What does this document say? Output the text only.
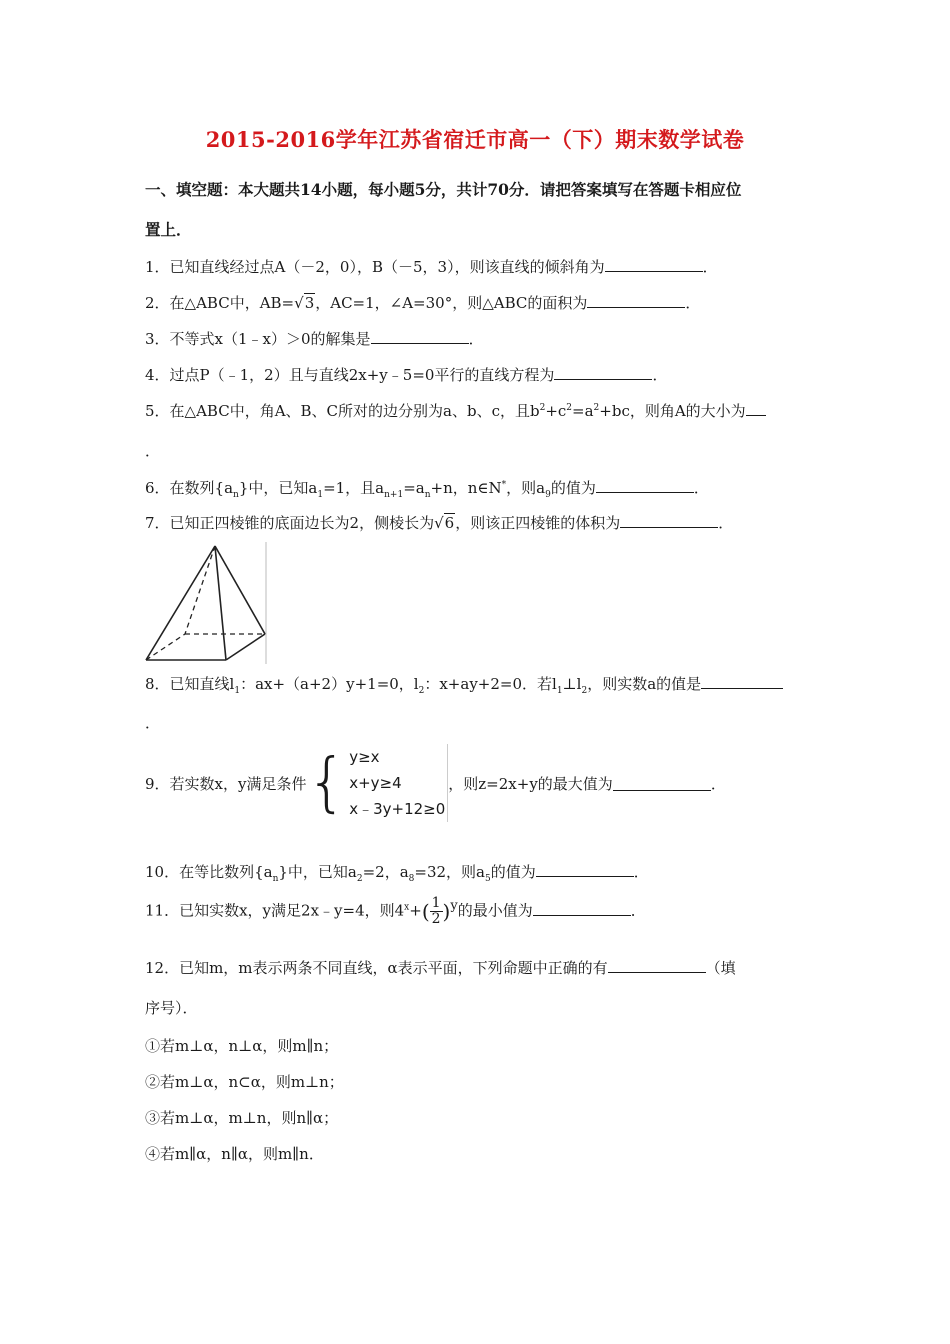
2015-2016学年江苏省宿迁市高一（下）期末数学试卷
一、填空题：本大题共14小题，每小题5分，共计70分．请把答案填写在答题卡相应位
置上．
1．已知直线经过点A（－2，0），B（－5，3），则该直线的倾斜角为	．
2．在△ABC中，AB=√3，AC=1，∠A=30°，则△ABC的面积为	．
3．不等式x（1﹣x）＞0的解集是	．
4．过点P（﹣1，2）且与直线2x+y﹣5=0平行的直线方程为	．
5．在△ABC中，角A、B、C所对的边分别为a、b、c，且$b^2+c^2=a^2+bc$，则角A的大小为
．
6．在数列$\{a_n\}$中，已知$a_1=1$，且$a_{n+1}=a_n+n$，n∈N*，则$a_9$的值为	．
7．已知正四棱锥的底面边长为2，侧棱长为√6，则该正四棱锥的体积为	．
8．已知直线$l_1$：ax+（a+2）y+1=0，$l_2$：x+ay+2=0．若$l_1\perp l_2$，则实数a的值是
．
9．若实数x，y满足条件 { y≥x
x+y≥4
x﹣3y+12≥0
，则z=2x+y的最大值为	．
10．在等比数列$\{a_n\}$中，已知$a_2=2$，$a_8=32$，则$a_5$的值为	．
11．已知实数x，y满足2x﹣y=4，则$4^x+( \frac{1}{2} )^y$的最小值为	．
12．已知m，m表示两条不同直线，α表示平面，下列命题中正确的有	（填
序号）．
①若m⊥α，n⊥α，则m∥n；
②若m⊥α，n⊂α，则m⊥n；
③若m⊥α，m⊥n，则n∥α；
④若m∥α，n∥α，则m∥n．
